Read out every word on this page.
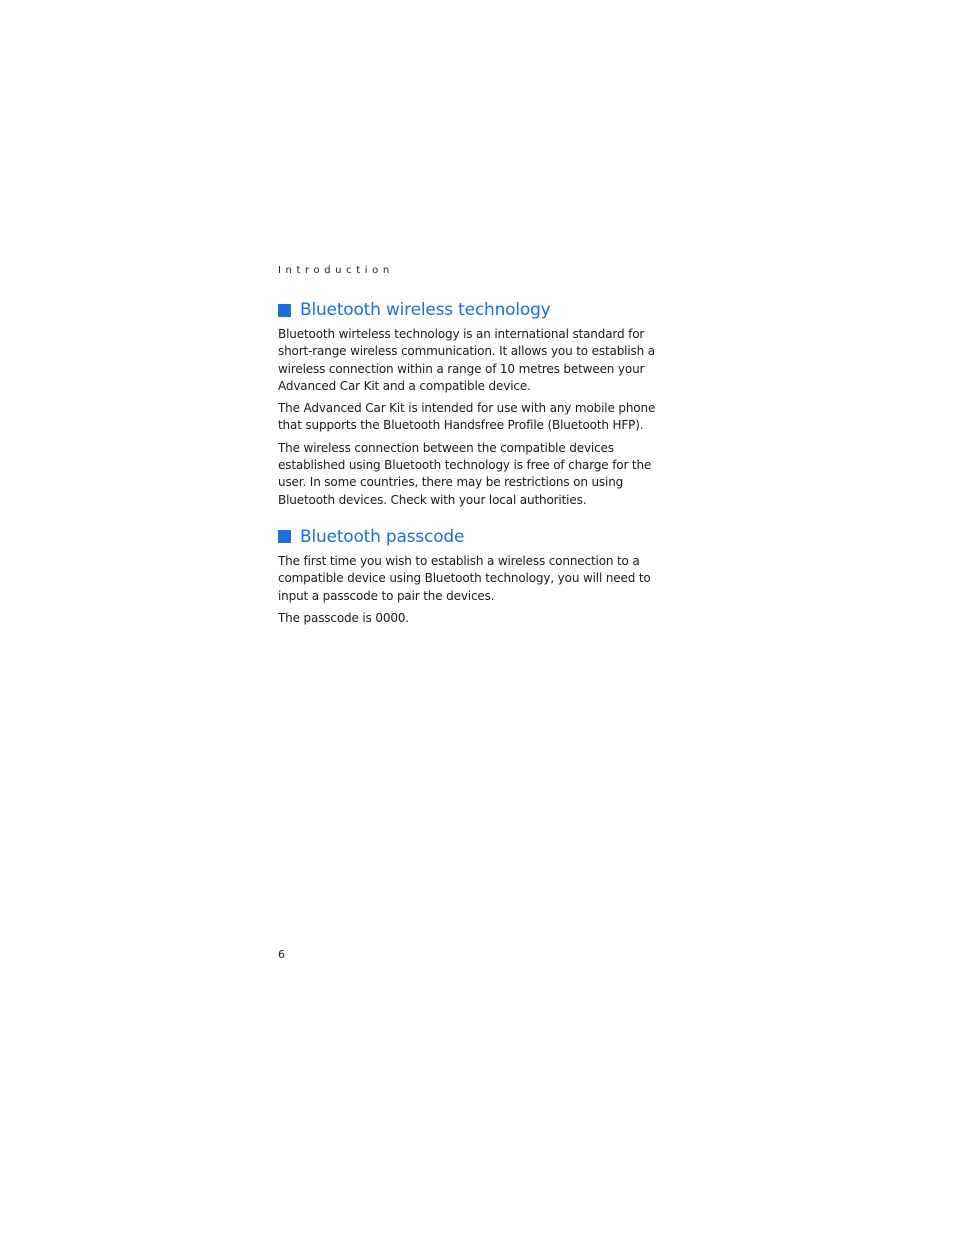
Introduction
Bluetooth wireless technology

Bluetooth wirteless technology is an international standard for short-range wireless communication. It allows you to establish a wireless connection within a range of 10 metres between your Advanced Car Kit and a compatible device.

The Advanced Car Kit is intended for use with any mobile phone that supports the Bluetooth Handsfree Profile (Bluetooth HFP).

The wireless connection between the compatible devices established using Bluetooth technology is free of charge for the user. In some countries, there may be restrictions on using Bluetooth devices. Check with your local authorities.

Bluetooth passcode

The first time you wish to establish a wireless connection to a compatible device using Bluetooth technology, you will need to input a passcode to pair the devices.

The passcode is 0000.

6
